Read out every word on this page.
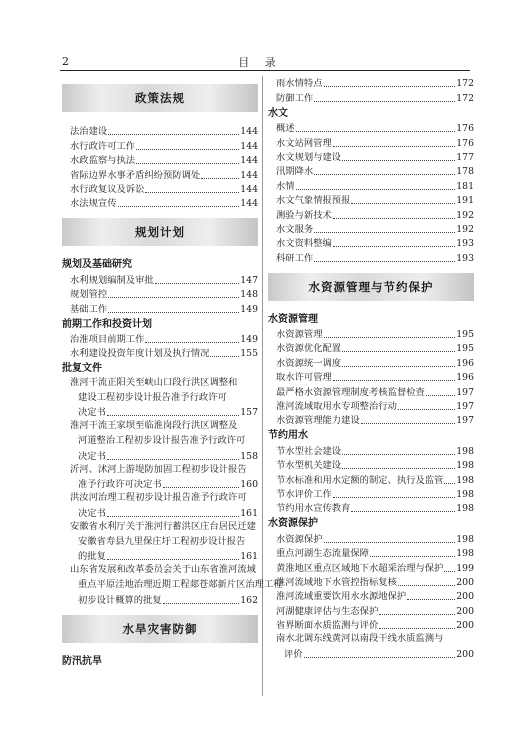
2	目 录
政策法规
法治建设	144
水行政许可工作	144
水政监察与执法	144
省际边界水事矛盾纠纷预防调处	144
水行政复议及诉讼	144
水法规宣传	144
规划计划
规划及基础研究
水利规划编制及审批	147
规划管控	148
基础工作	149
前期工作和投资计划
治淮项目前期工作	149
水利建设投资年度计划及执行情况	155
批复文件
淮河干流正阳关至峡山口段行洪区调整和
建设工程初步设计报告准予行政许可
决定书	157
淮河干流王家坝至临淮岗段行洪区调整及
河道整治工程初步设计报告准予行政许可
决定书	158
沂河、沭河上游堤防加固工程初步设计报告
准予行政许可决定书	160
洪汝河治理工程初步设计报告准予行政许可
决定书	161
安徽省水利厅关于淮河行蓄洪区庄台居民迁建
安徽省寿县九里保庄圩工程初步设计报告
的批复	161
山东省发展和改革委员会关于山东省淮河流域
重点平原洼地治理近期工程郯苍郯新片区治理工程
初步设计概算的批复	162
水旱灾害防御
防汛抗旱
雨水情特点	172
防御工作	172
水文
概述	176
水文站网管理	176
水文规划与建设	177
汛期降水	178
水情	181
水文气象情报预报	191
测验与新技术	192
水文服务	192
水文资料整编	193
科研工作	193
水资源管理与节约保护
水资源管理
水资源管理	195
水资源优化配置	195
水资源统一调度	196
取水许可管理	196
最严格水资源管理制度考核监督检查	197
淮河流域取用水专项整治行动	197
水资源管理能力建设	197
节约用水
节水型社会建设	198
节水型机关建设	198
节水标准和用水定额的制定、执行及监管 198
节水评价工作	198
节约用水宣传教育	198
水资源保护
水资源保护	198
重点河湖生态流量保障	198
黄淮地区重点区域地下水超采治理与保护 199
淮河流域地下水管控指标复核	200
淮河流域重要饮用水水源地保护	200
河湖健康评估与生态保护	200
省界断面水质监测与评价	200
南水北调东线黄河以南段干线水质监测与
评价	200
